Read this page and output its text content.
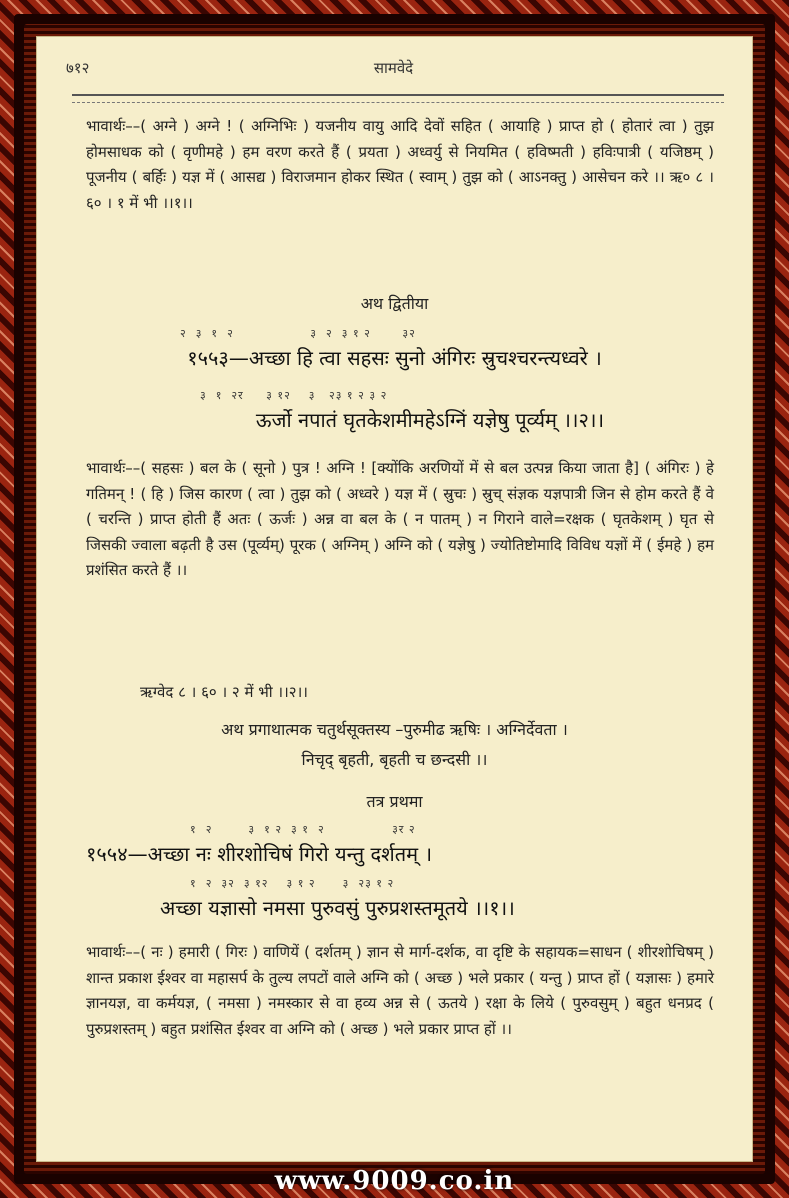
७१२	सामवेदे
भावार्थः––( अग्ने ) अग्ने ! ( अग्निभिः ) यजनीय वायु आदि देवों सहित ( आयाहि ) प्राप्त हो ( होतारं त्वा ) तुझ होमसाधक को ( वृणीमहे ) हम वरण करते हैं ( प्रयता ) अध्वर्यु से नियमित ( हविष्मती ) हविःपात्री ( यजिष्ठम् ) पूजनीय ( बर्हिः ) यज्ञ में ( आसद्य ) विराजमान होकर स्थित ( स्वाम् ) तुझ को ( आऽनक्तु ) आसेचन करे ।। ऋ० ८ । ६० । १ में भी ।।१।।
अथ द्वितीया
२  ३  १  २                 ३  २  ३ १ २       ३२
१५५३—अच्छा हि त्वा सहसः सुनो अंगिरः स्रुचश्चरन्त्यध्वरे ।
३  १  २र     ३ १२    ३   २३ १ २ ३ २
ऊर्जो नपातं घृतकेशमीमहेऽग्निं यज्ञेषु पूर्व्यम् ।।२।।
भावार्थः––( सहसः ) बल के ( सूनो ) पुत्र ! अग्नि ! [क्योंकि अरणियों में से बल उत्पन्न किया जाता है] ( अंगिरः ) हे गतिमन् ! ( हि ) जिस कारण ( त्वा ) तुझ को ( अध्वरे ) यज्ञ में ( स्रुचः ) स्रुच् संज्ञक यज्ञपात्री जिन से होम करते हैं वे ( चरन्ति ) प्राप्त होती हैं अतः ( ऊर्जः ) अन्न वा बल के ( न पातम् ) न गिराने वाले=रक्षक ( घृतकेशम् ) घृत से जिसकी ज्वाला बढ़ती है उस (पूर्व्यम्) पूरक ( अग्निम् ) अग्नि को ( यज्ञेषु ) ज्योतिष्टोमादि विविध यज्ञों में ( ईमहे ) हम प्रशंसित करते हैं ।।
ऋग्वेद ८ । ६० । २ में भी ।।२।।
अथ प्रगाथात्मक चतुर्थसूक्तस्य –पुरुमीढ ऋषिः । अग्निर्देवता ।
निचृद् बृहती, बृहती च छन्दसी ।।
तत्र प्रथमा
१  २        ३  १ २  ३ १  २               ३र २
१५५४—अच्छा नः शीरशोचिषं गिरो यन्तु दर्शतम् ।
१  २  ३२  ३ १२    ३ १ २      ३  २३ १ २
अच्छा यज्ञासो नमसा पुरुवसुं पुरुप्रशस्तमूतये ।।१।।
भावार्थः––( नः ) हमारी ( गिरः ) वाणियें ( दर्शतम् ) ज्ञान से मार्ग-दर्शक, वा दृष्टि के सहायक=साधन ( शीरशोचिषम् ) शान्त प्रकाश ईश्वर वा महासर्प के तुल्य लपटों वाले अग्नि को ( अच्छ ) भले प्रकार ( यन्तु ) प्राप्त हों ( यज्ञासः ) हमारे ज्ञानयज्ञ, वा कर्मयज्ञ, ( नमसा ) नमस्कार से वा हव्य अन्न से ( ऊतये ) रक्षा के लिये ( पुरुवसुम् ) बहुत धनप्रद ( पुरुप्रशस्तम् ) बहुत प्रशंसित ईश्वर वा अग्नि को ( अच्छ ) भले प्रकार प्राप्त हों ।।
www.9009.co.in
